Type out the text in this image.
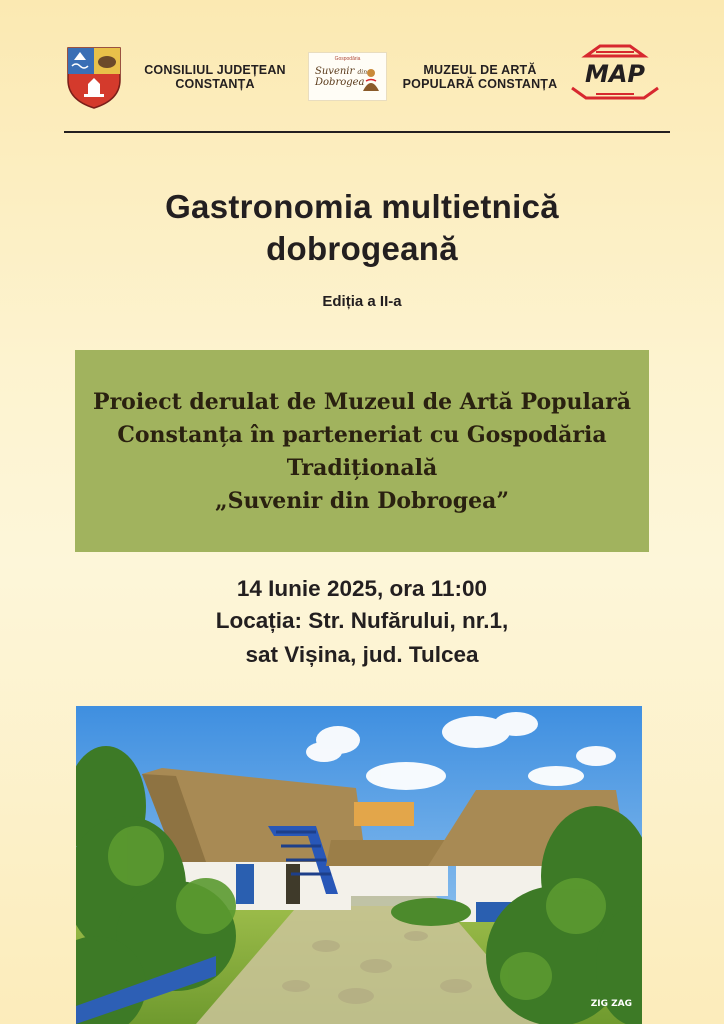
CONSILIUL JUDEȚEAN
CONSTANȚA
Gospodăria
Suvenir din
Dobrogea
MUZEUL DE ARTĂ
POPULARĂ CONSTANȚA	MAP
Gastronomia multietnică
dobrogeană
Ediția a II-a
Proiect derulat de Muzeul de Artă Populară
Constanța în parteneriat cu Gospodăria
Tradițională
„Suvenir din Dobrogea”
14 Iunie 2025, ora 11:00
Locația: Str. Nufărului, nr.1,
sat Vișina, jud. Tulcea
ZIG ZAG
